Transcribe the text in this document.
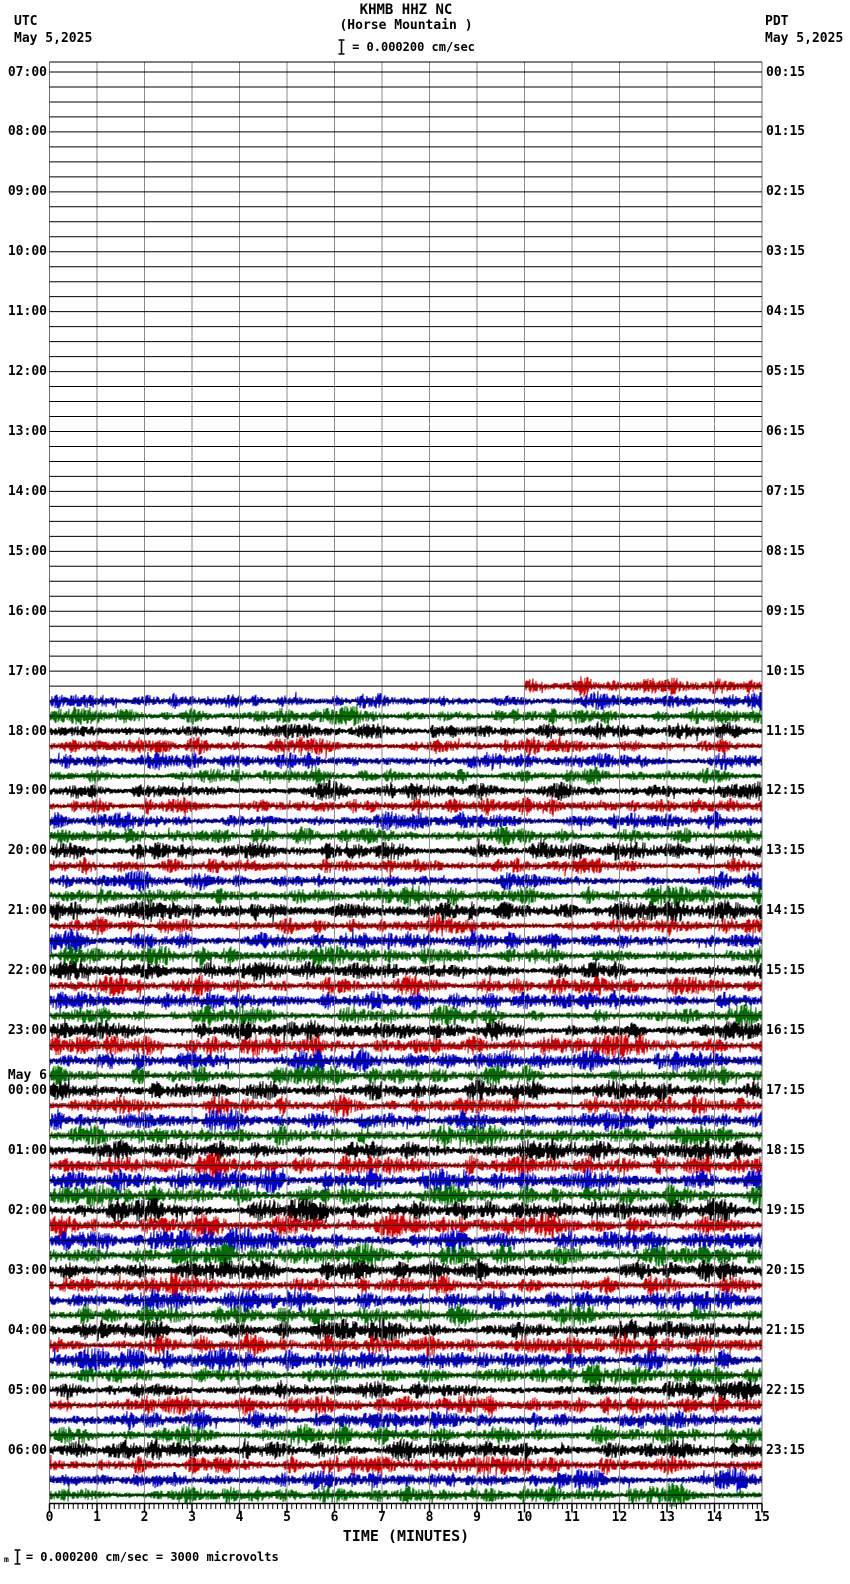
UTC
May 5,2025
PDT
May 5,2025
KHMB HHZ NC
(Horse Mountain )
= 0.000200 cm/sec
07:00	00:15
08:00	01:15
09:00	02:15
10:00	03:15
11:00	04:15
12:00	05:15
13:00	06:15
14:00	07:15
15:00	08:15
16:00	09:15
17:00	10:15
18:00	11:15
19:00	12:15
20:00	13:15
21:00	14:15
22:00	15:15
23:00	16:15
00:00	17:15
May 6
01:00	18:15
02:00	19:15
03:00	20:15
04:00	21:15
05:00	22:15
06:00	23:15
0	1	2	3	4	5	6	7	8	9	10	11	12	13	14	15
TIME (MINUTES)
m = 0.000200 cm/sec = 3000 microvolts
